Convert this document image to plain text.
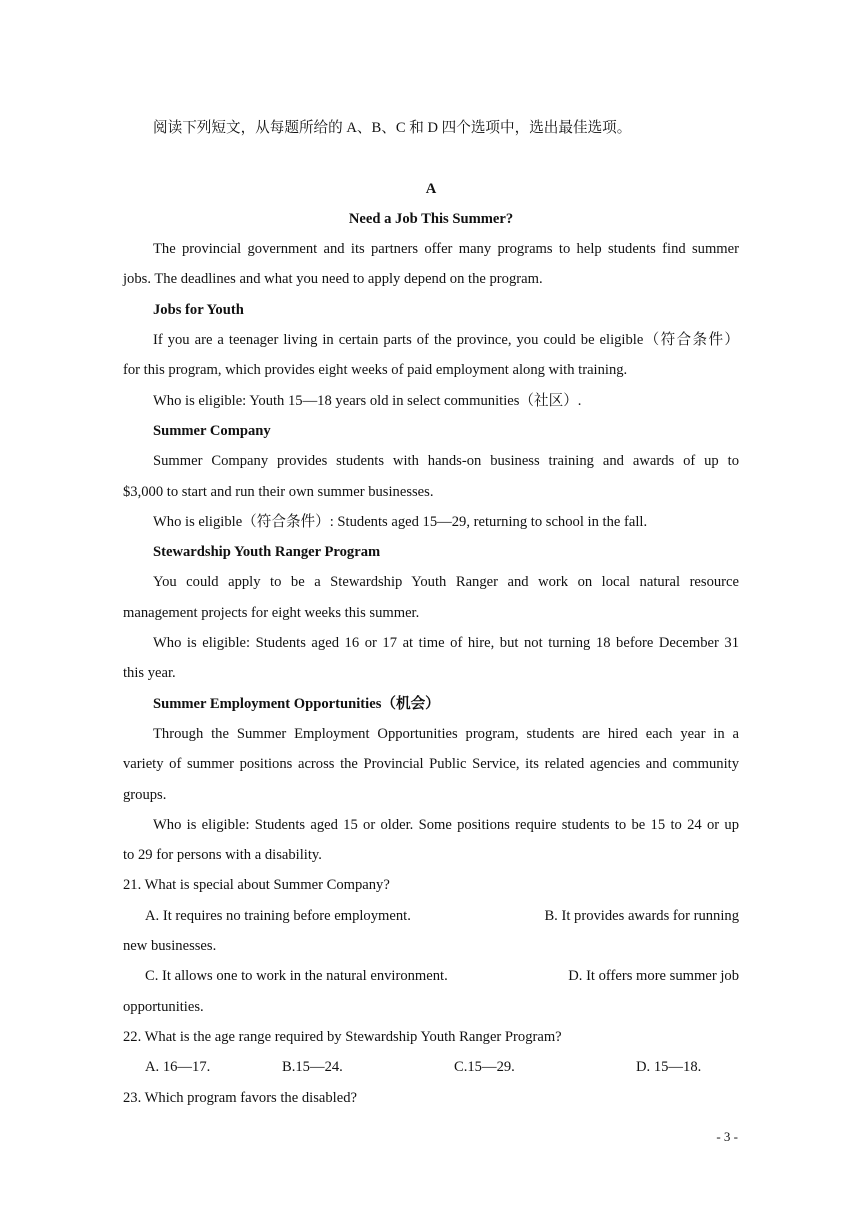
阅读下列短文，从每题所给的 A、B、C 和 D 四个选项中，选出最佳选项。

A

Need a Job This Summer?

The provincial government and its partners offer many programs to help students find summer

jobs. The deadlines and what you need to apply depend on the program.

Jobs for Youth

If you are a teenager living in certain parts of the province, you could be eligible（符合条件）

for this program, which provides eight weeks of paid employment along with training.

Who is eligible: Youth 15—18 years old in select communities（社区）.

Summer Company

Summer Company provides students with hands-on business training and awards of up to

$3,000 to start and run their own summer businesses.

Who is eligible（符合条件）: Students aged 15—29, returning to school in the fall.

Stewardship Youth Ranger Program

You could apply to be a Stewardship Youth Ranger and work on local natural resource

management projects for eight weeks this summer.

Who is eligible: Students aged 16 or 17 at time of hire, but not turning 18 before December 31

this year.

Summer Employment Opportunities（机会）

Through the Summer Employment Opportunities program, students are hired each year in a

variety of summer positions across the Provincial Public Service, its related agencies and community

groups.

Who is eligible: Students aged 15 or older. Some positions require students to be 15 to 24 or up

to 29 for persons with a disability.

21. What is special about Summer Company?

A. It requires no training before employment.	B. It provides awards for running

new businesses.

C. It allows one to work in the natural environment.	D. It offers more summer job

opportunities.

22. What is the age range required by Stewardship Youth Ranger Program?

A. 16—17.	B.15—24.	C.15—29.	D. 15—18.

23. Which program favors the disabled?

- 3 -
